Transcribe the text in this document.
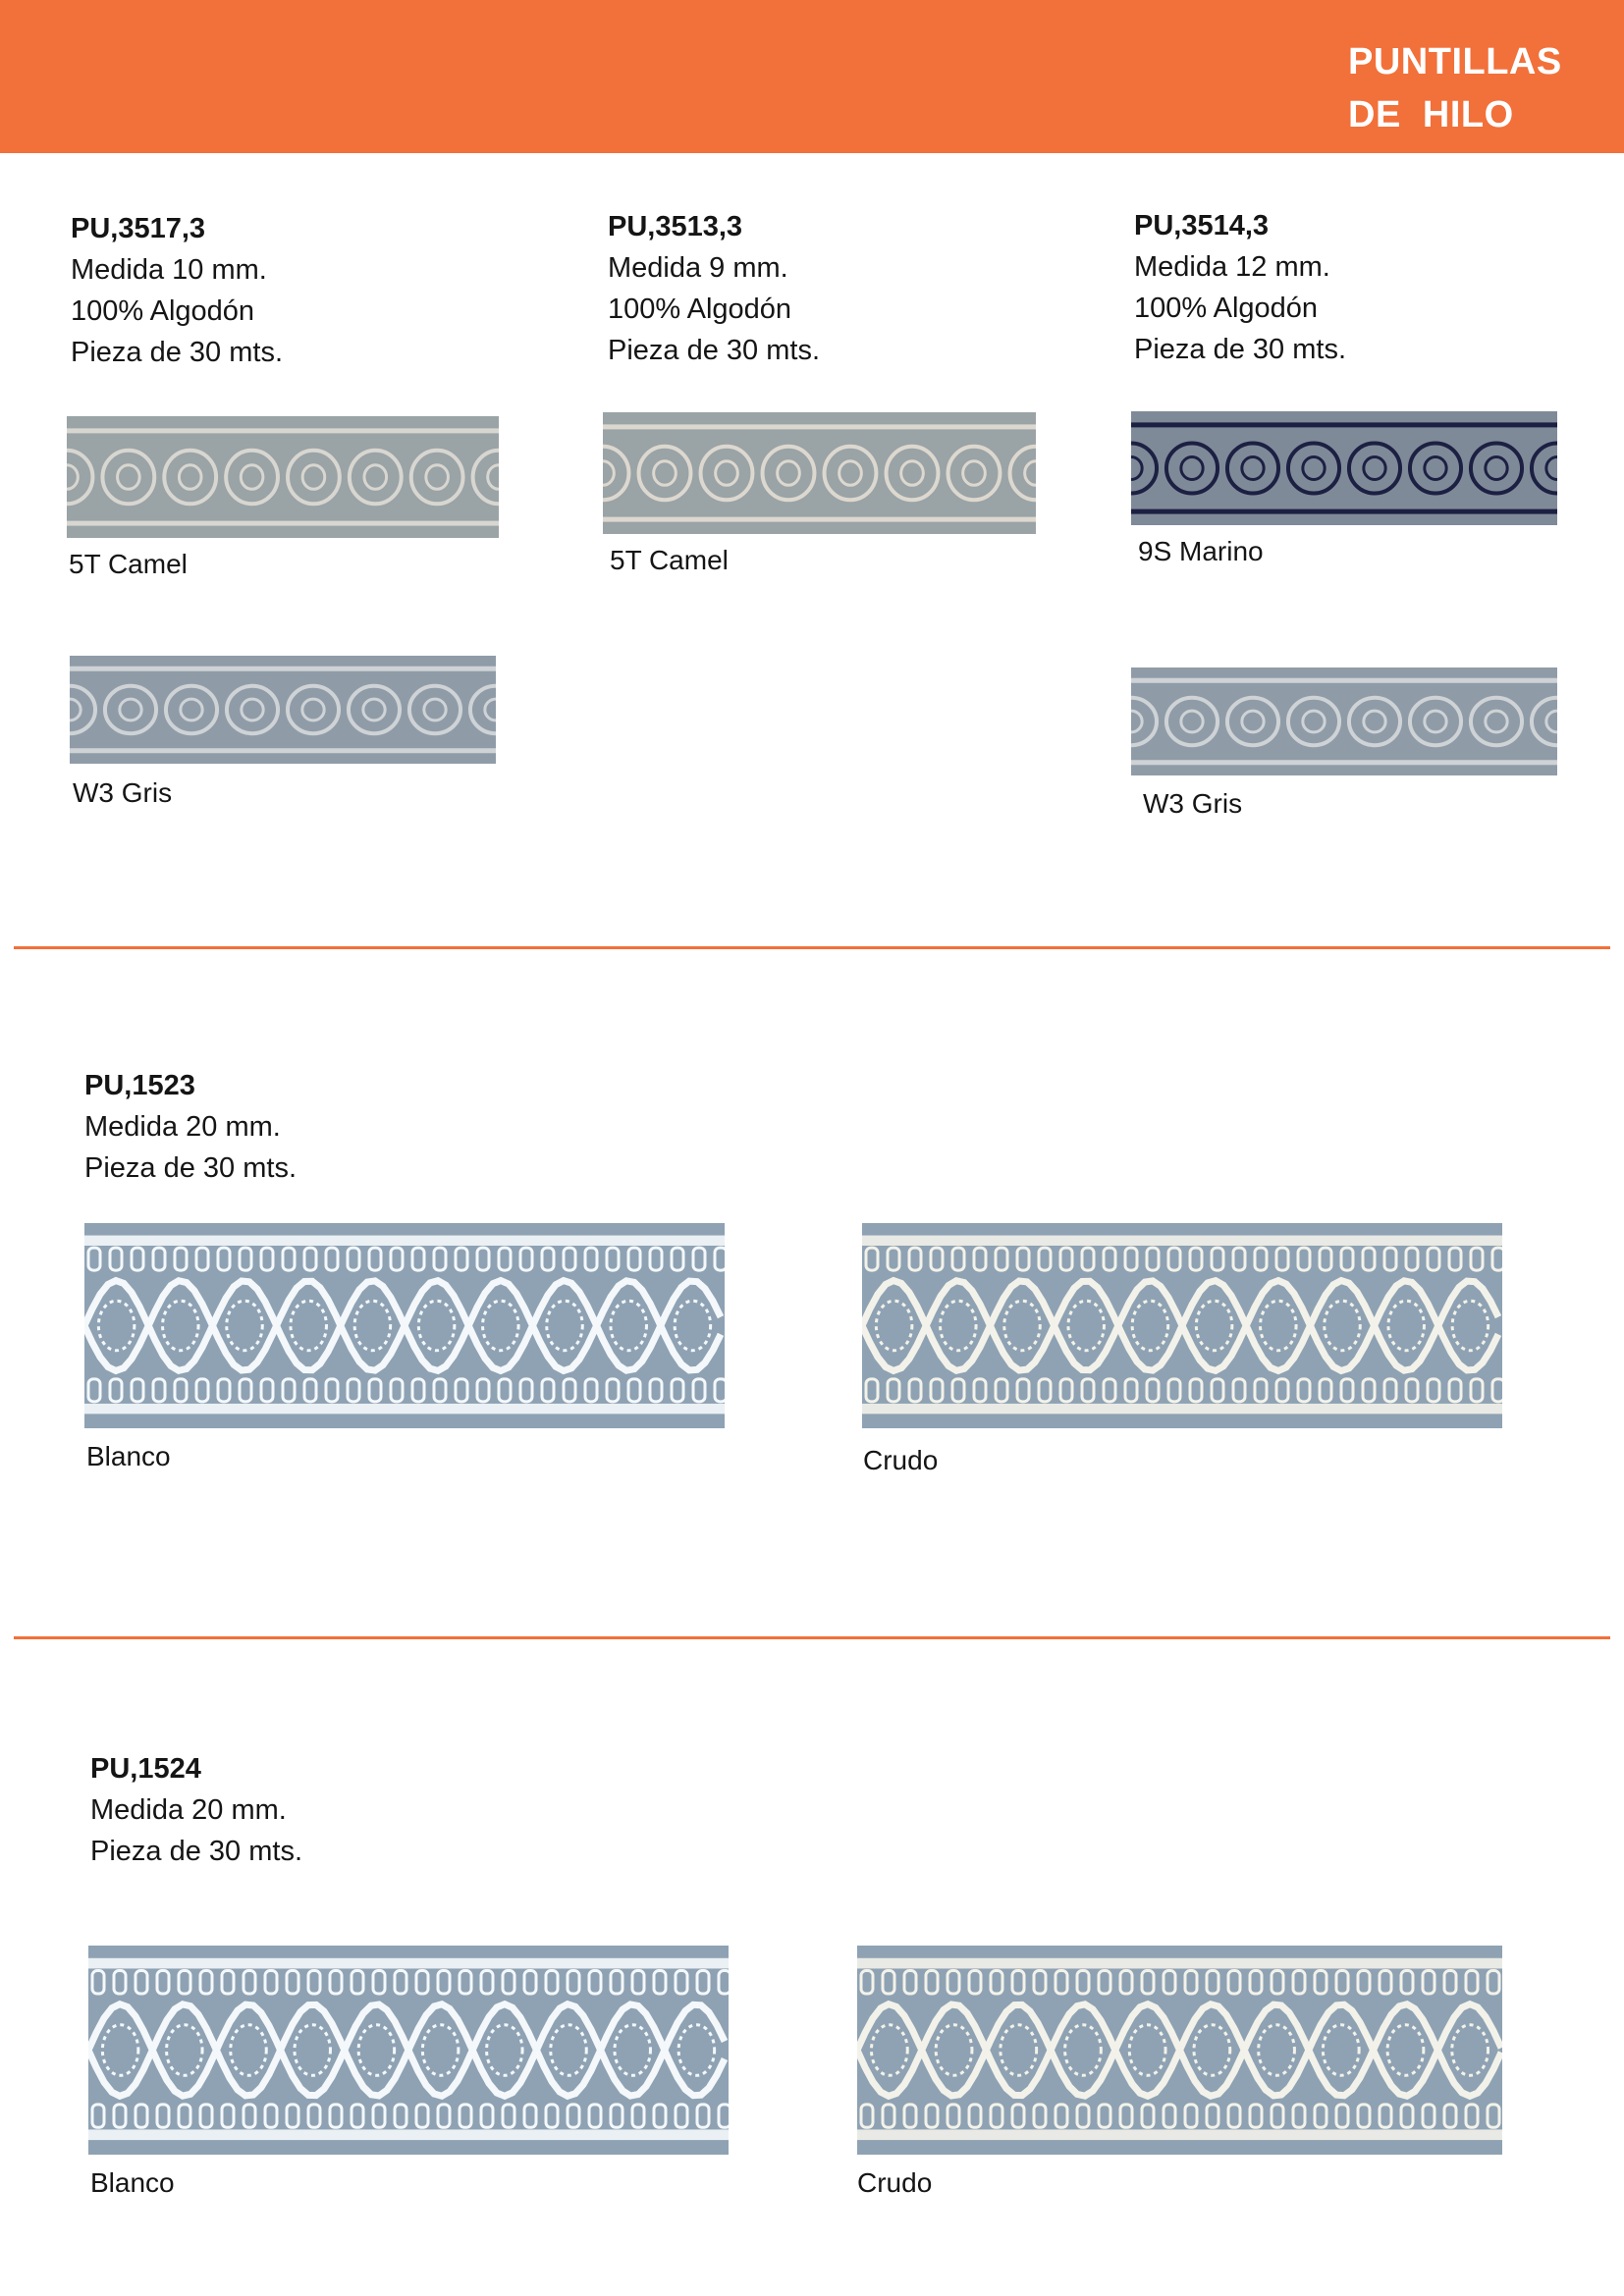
PUNTILLAS
DE  HILO
PU,3517,3
Medida 10 mm.
100% Algodón
Pieza de 30 mts.
5T Camel
W3 Gris
PU,3513,3
Medida 9 mm.
100% Algodón
Pieza de 30 mts.
5T Camel
PU,3514,3
Medida 12 mm.
100% Algodón
Pieza de 30 mts.
9S Marino
W3 Gris
PU,1523
Medida 20 mm.
Pieza de 30 mts.
Blanco	Crudo
PU,1524
Medida 20 mm.
Pieza de 30 mts.
Blanco	Crudo
